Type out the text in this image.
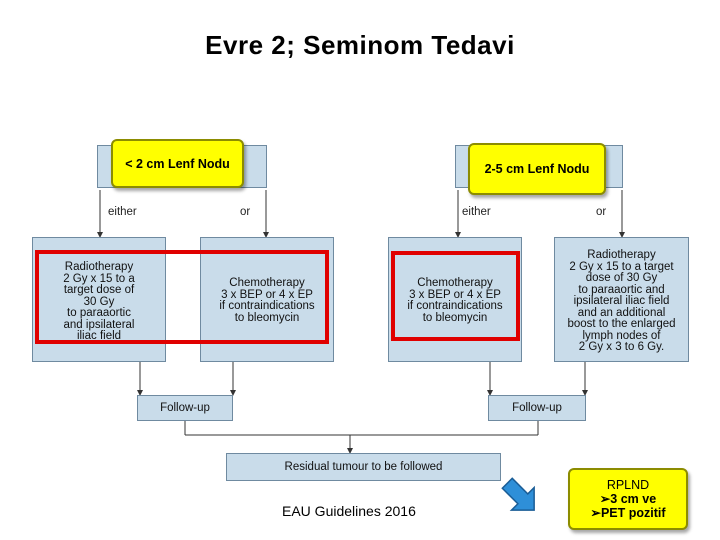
Evre 2; Seminom Tedavi
< 2 cm Lenf Nodu
either	or
Radiotherapy
2 Gy x 15 to a
target dose of
30 Gy
to paraaortic
and ipsilateral
iliac field
Chemotherapy
3 x BEP or 4 x EP
if contraindications
to bleomycin
Follow-up
2-5 cm Lenf Nodu
either	or
Chemotherapy
3 x BEP or 4 x EP
if contraindications
to bleomycin
Radiotherapy
2 Gy x 15 to a target
dose of 30 Gy
to paraaortic and
ipsilateral iliac field
and an additional
boost to the enlarged
lymph nodes of
2 Gy x 3 to 6 Gy.
Follow-up
Residual tumour to be followed
EAU Guidelines 2016
RPLND
➢3 cm ve
➢PET pozitif
